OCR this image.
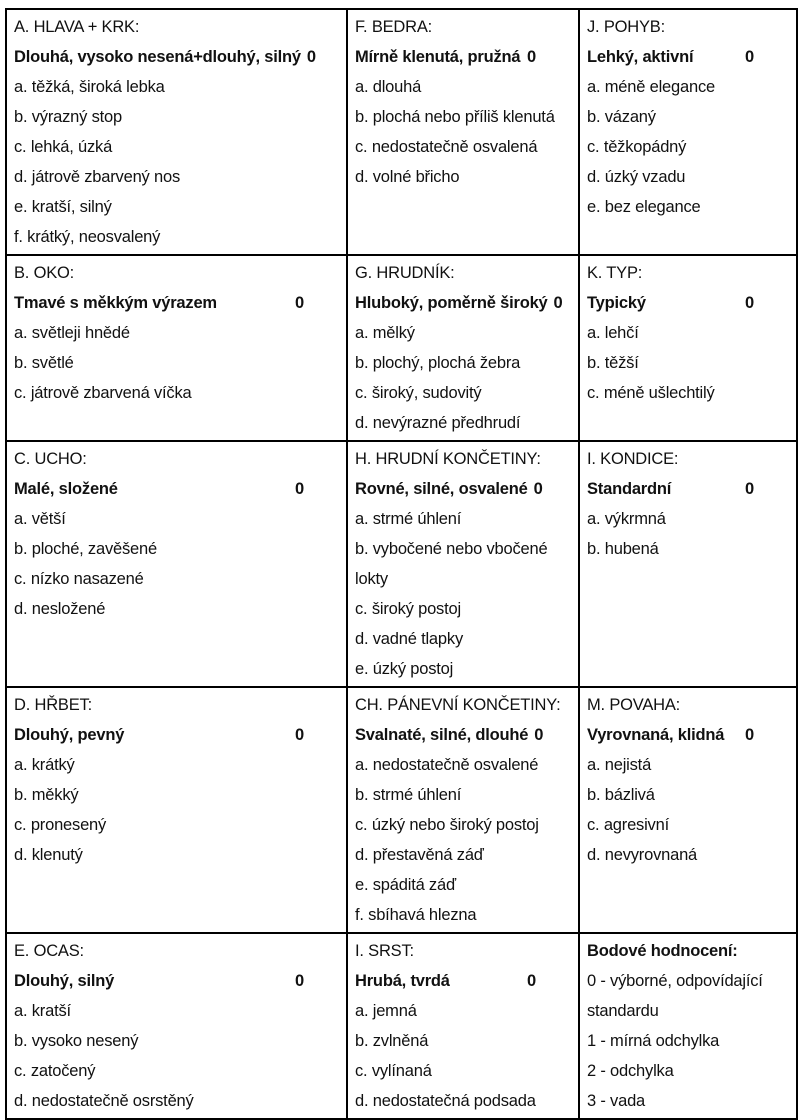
A. HLAVA + KRK:
Dlouhá, vysoko nesená+dlouhý, silný 0
a. těžká, široká lebka
b. výrazný stop
c. lehká, úzká
d. játrově zbarvený nos
e. kratší, silný
f. krátký, neosvalený

F. BEDRA:
Mírně klenutá, pružná 0
a. dlouhá
b. plochá nebo příliš klenutá
c. nedostatečně osvalená
d. volné břicho

J. POHYB:
Lehký, aktivní	0
a. méně elegance
b. vázaný
c. těžkopádný
d. úzký vzadu
e. bez elegance

B. OKO:
Tmavé s měkkým výrazem	0
a. světleji hnědé
b. světlé
c. játrově zbarvená víčka

G. HRUDNÍK:
Hluboký, poměrně široký 0
a. mělký
b. plochý, plochá žebra
c. široký, sudovitý
d. nevýrazné předhrudí

K. TYP:
Typický	0
a. lehčí
b. těžší
c. méně ušlechtilý

C. UCHO:
Malé, složené	0
a. větší
b. ploché, zavěšené
c. nízko nasazené
d. nesložené

H. HRUDNÍ KONČETINY:
Rovné, silné, osvalené 0
a. strmé úhlení
b. vybočené nebo vbočené lokty
c. široký postoj
d. vadné tlapky
e. úzký postoj

I. KONDICE:
Standardní	0
a. výkrmná
b. hubená

D. HŘBET:
Dlouhý, pevný	0
a. krátký
b. měkký
c. pronesený
d. klenutý

CH. PÁNEVNÍ KONČETINY:
Svalnaté, silné, dlouhé 0
a. nedostatečně osvalené
b. strmé úhlení
c. úzký nebo široký postoj
d. přestavěná záď
e. spáditá záď
f. sbíhavá hlezna

M. POVAHA:
Vyrovnaná, klidná 0
a. nejistá
b. bázlivá
c. agresivní
d. nevyrovnaná

E. OCAS:
Dlouhý, silný	0
a. kratší
b. vysoko nesený
c. zatočený
d. nedostatečně osrstěný

I. SRST:
Hrubá, tvrdá	0
a. jemná
b. zvlněná
c. vylínaná
d. nedostatečná podsada

Bodové hodnocení:
0 - výborné, odpovídající standardu
1 - mírná odchylka
2 - odchylka
3 - vada
